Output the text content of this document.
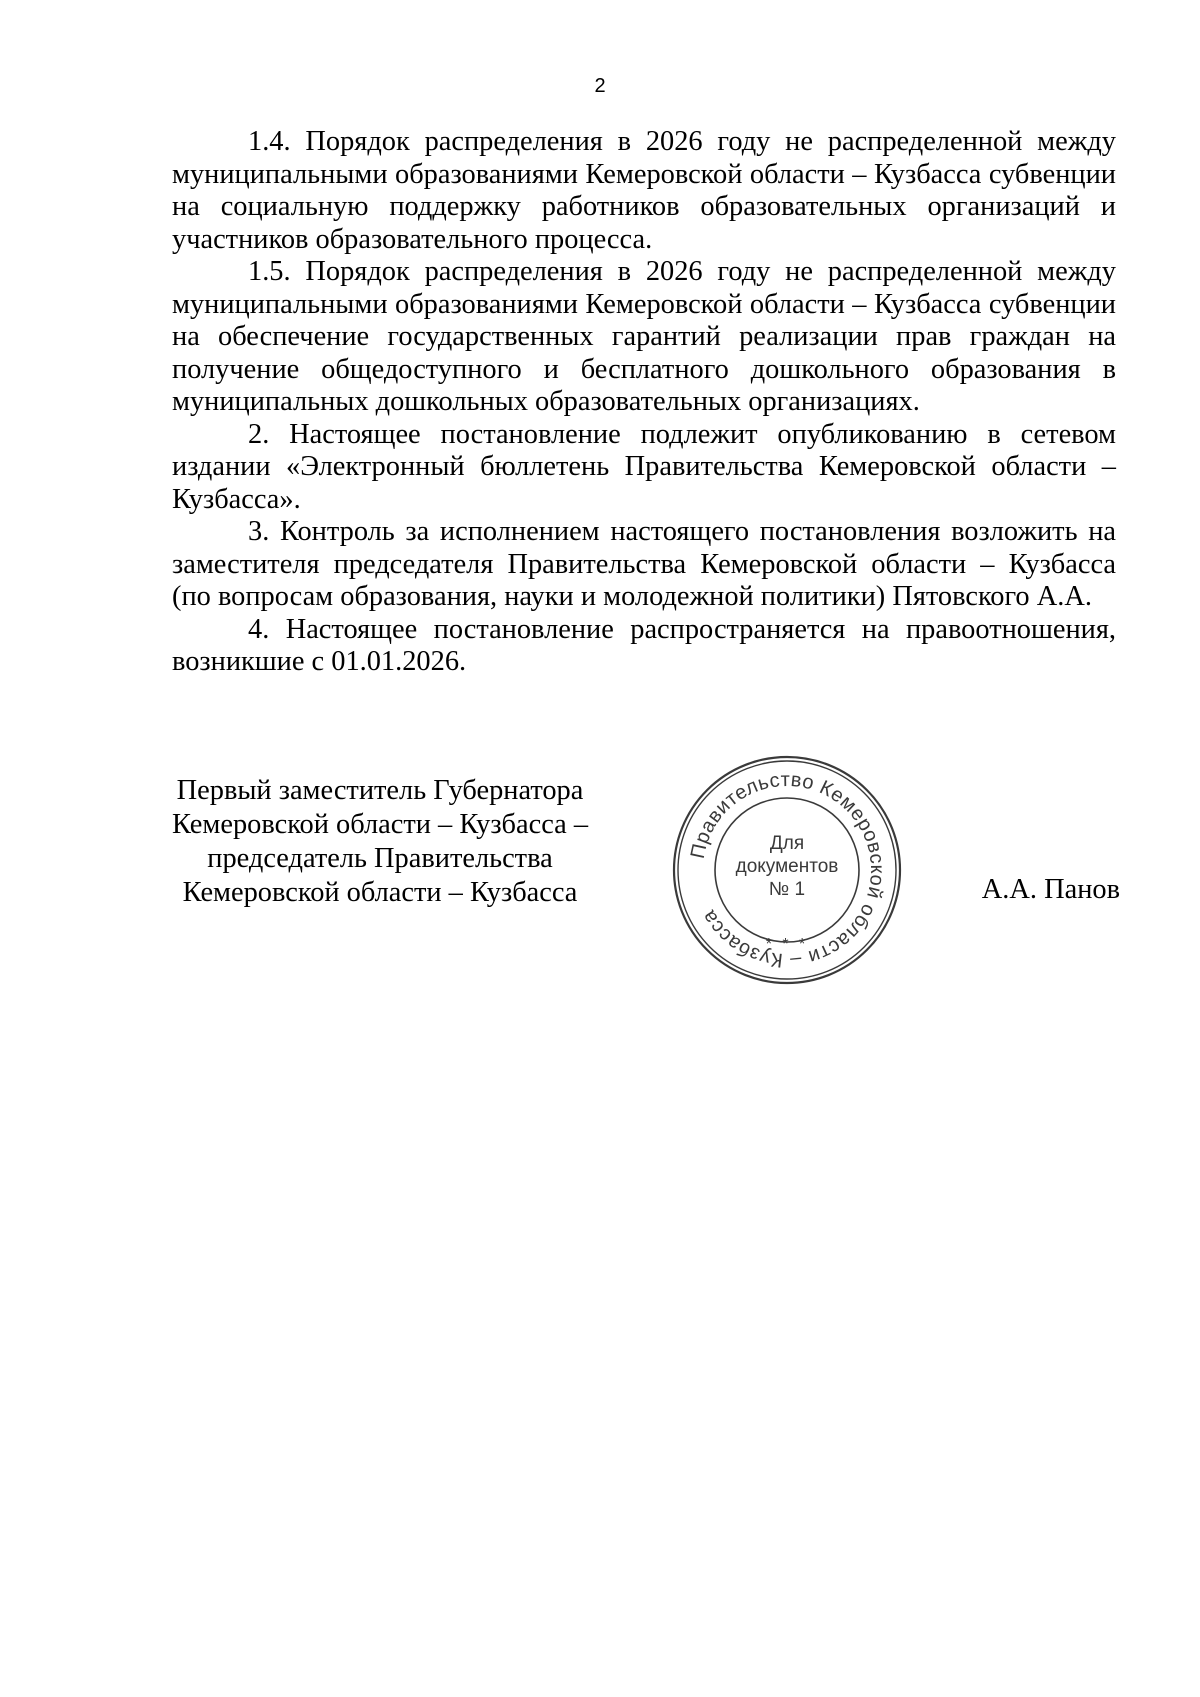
2

1.4. Порядок распределения в 2026 году не распределенной между муниципальными образованиями Кемеровской области – Кузбасса субвенции на социальную поддержку работников образовательных организаций и участников образовательного процесса.

1.5. Порядок распределения в 2026 году не распределенной между муниципальными образованиями Кемеровской области – Кузбасса субвенции на обеспечение государственных гарантий реализации прав граждан на получение общедоступного и бесплатного дошкольного образования в муниципальных дошкольных образовательных организациях.

2. Настоящее постановление подлежит опубликованию в сетевом издании «Электронный бюллетень Правительства Кемеровской области – Кузбасса».

3. Контроль за исполнением настоящего постановления возложить на заместителя председателя Правительства Кемеровской области – Кузбасса (по вопросам образования, науки и молодежной политики) Пятовского А.А.

4. Настоящее постановление распространяется на правоотношения, возникшие с 01.01.2026.

Первый заместитель Губернатора
Кемеровской области – Кузбасса –
председатель Правительства
Кемеровской области – Кузбасса
Правительство Кемеровской области – Кузбасса
Для
документов
№ 1
* * *
А.А. Панов
